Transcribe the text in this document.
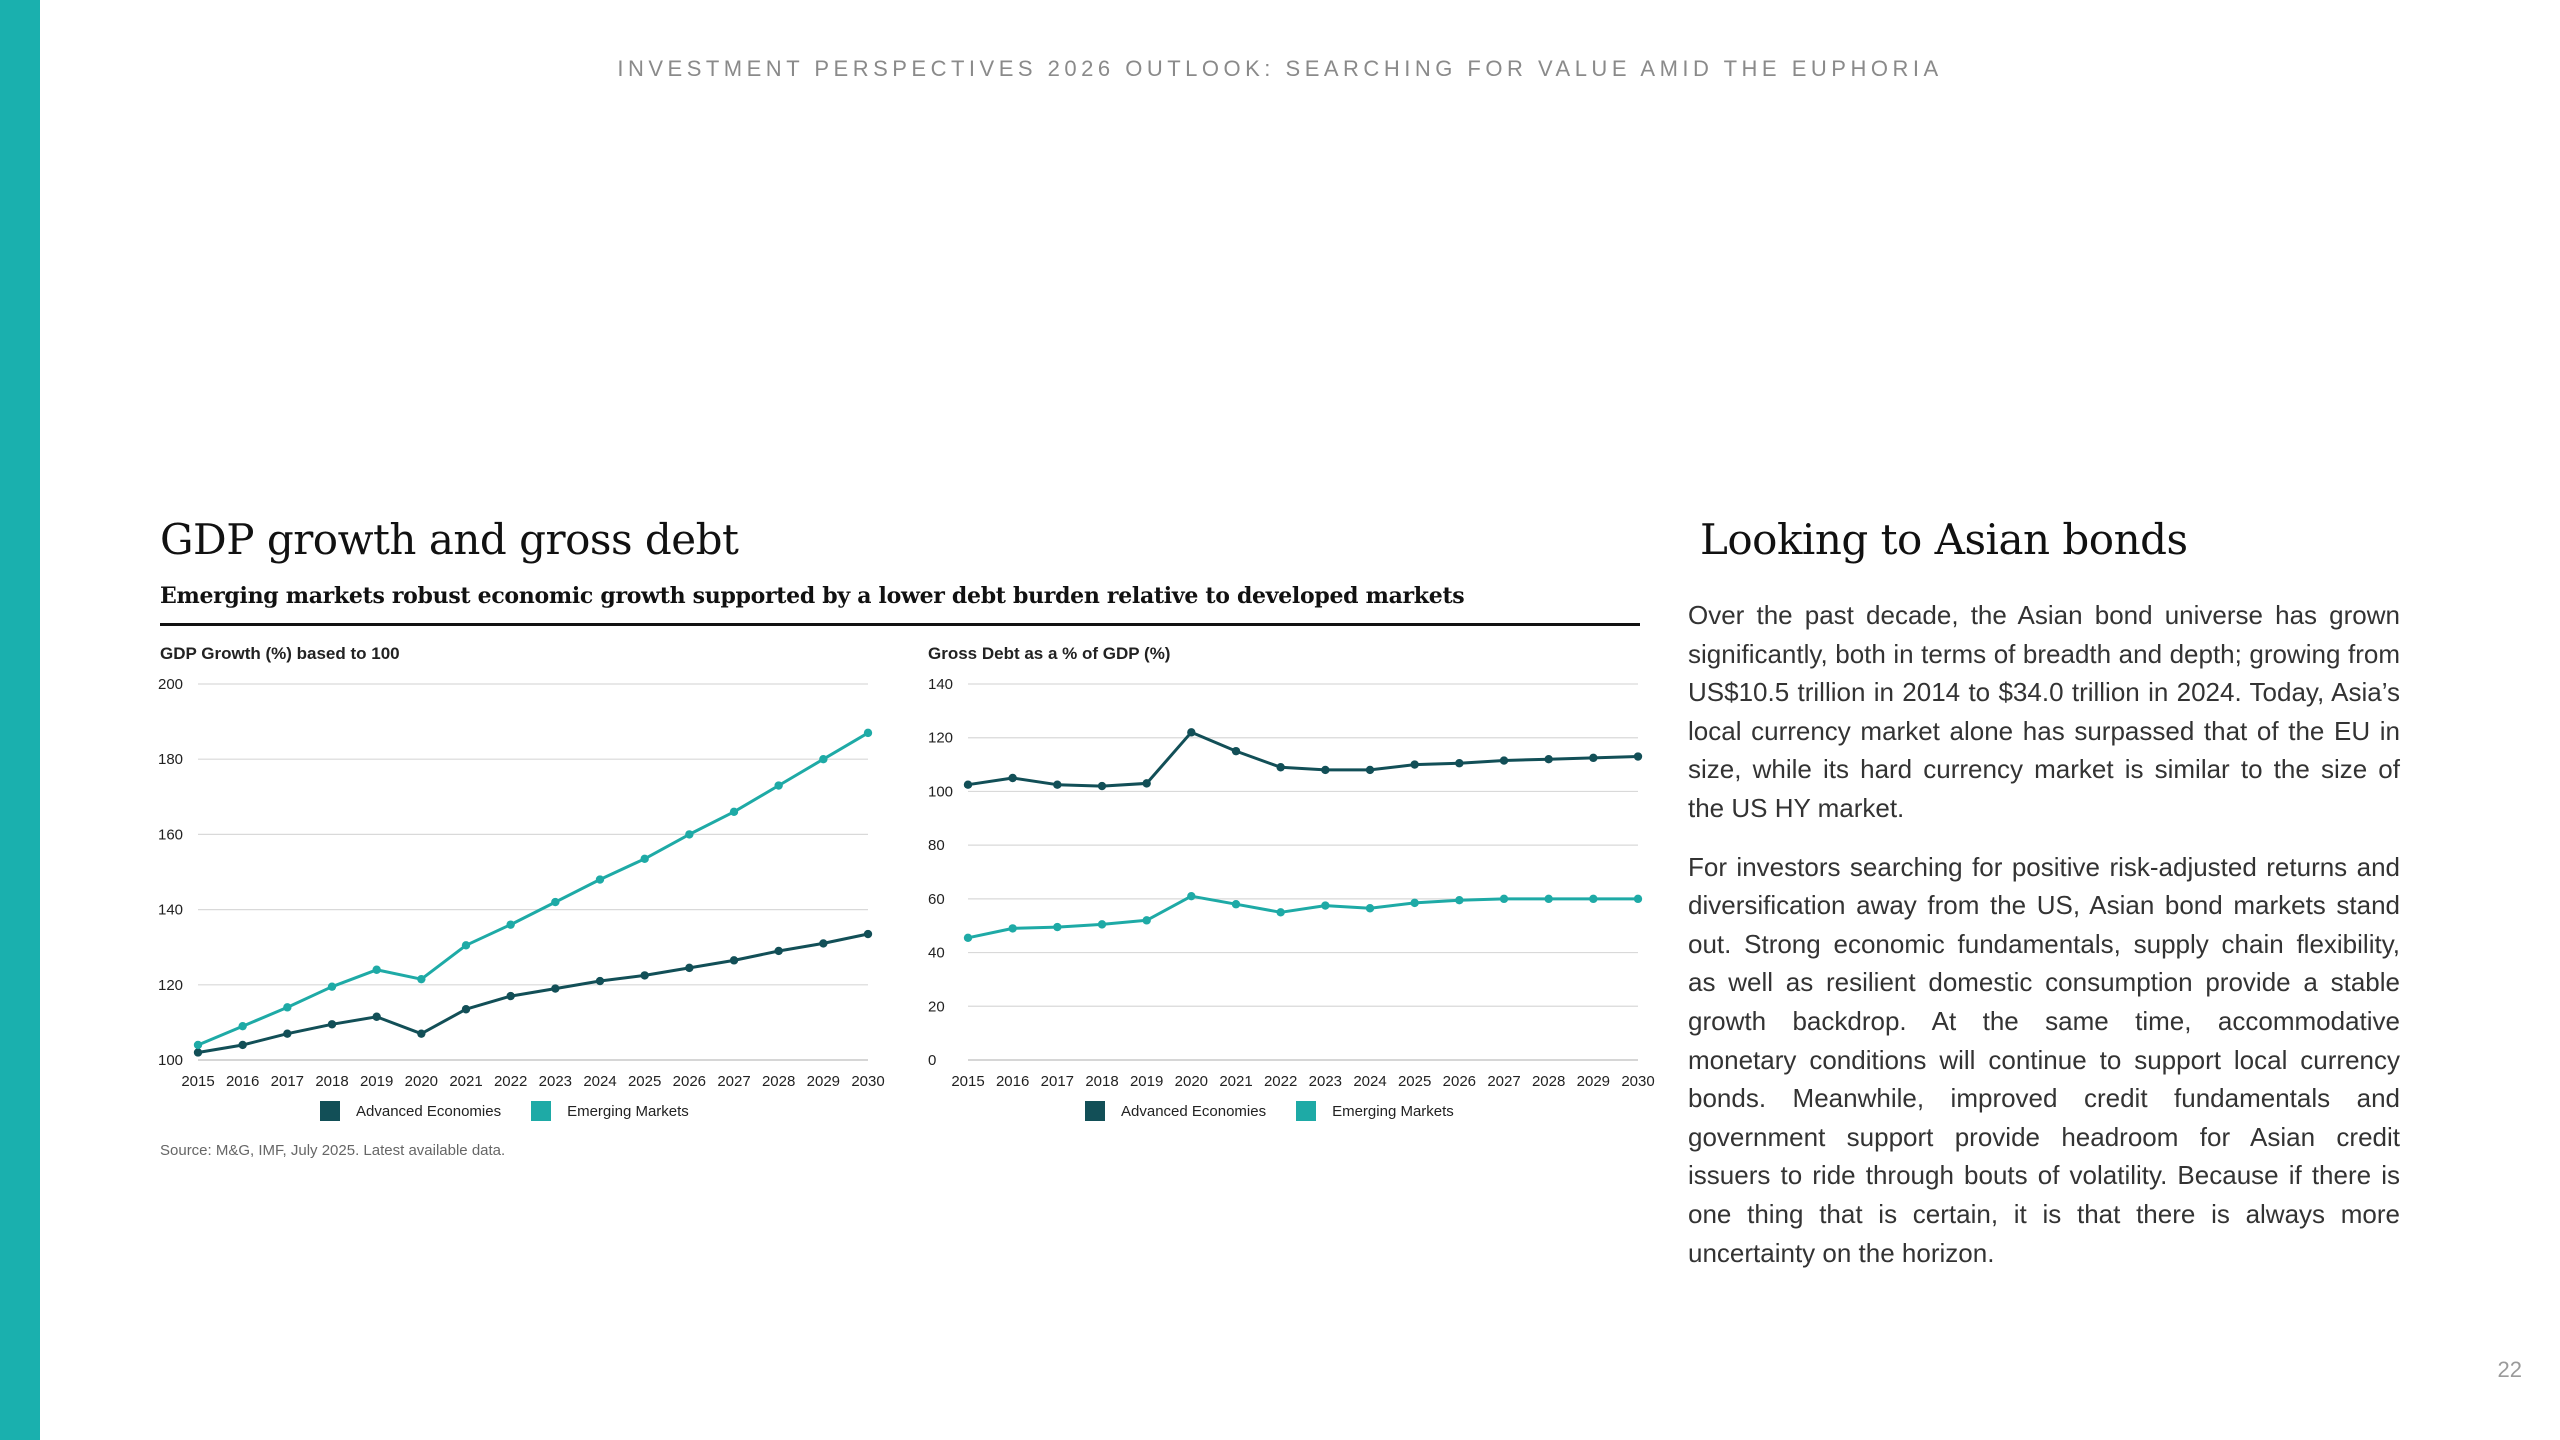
INVESTMENT PERSPECTIVES 2026 OUTLOOK: SEARCHING FOR VALUE AMID THE EUPHORIA
GDP growth and gross debt
Emerging markets robust economic growth supported by a lower debt burden relative to developed markets
GDP Growth (%) based to 100	Gross Debt as a % of GDP (%)
100
120
140
160
180
200
2015 2016 2017 2018 2019 2020 2021 2022 2023 2024 2025 2026 2027 2028 2029 2030
0
20
40
60
80
100
120
140
2015 2016 2017 2018 2019 2020 2021 2022 2023 2024 2025 2026 2027 2028 2029 2030
Advanced Economies	Emerging Markets	Advanced Economies	Emerging Markets
Source: M&G, IMF, July 2025. Latest available data.
Looking to Asian bonds

Over the past decade, the Asian bond universe has grown significantly, both in terms of breadth and depth; growing from US$10.5 trillion in 2014 to $34.0 trillion in 2024. Today, Asia’s local currency market alone has surpassed that of the EU in size, while its hard currency market is similar to the size of the US HY market.

For investors searching for positive risk-adjusted returns and diversification away from the US, Asian bond markets stand out. Strong economic fundamentals, supply chain flexibility, as well as resilient domestic consumption provide a stable growth backdrop. At the same time, accommodative monetary conditions will continue to support local currency bonds. Meanwhile, improved credit fundamentals and government support provide headroom for Asian credit issuers to ride through bouts of volatility. Because if there is one thing that is certain, it is that there is always more uncertainty on the horizon.

22
